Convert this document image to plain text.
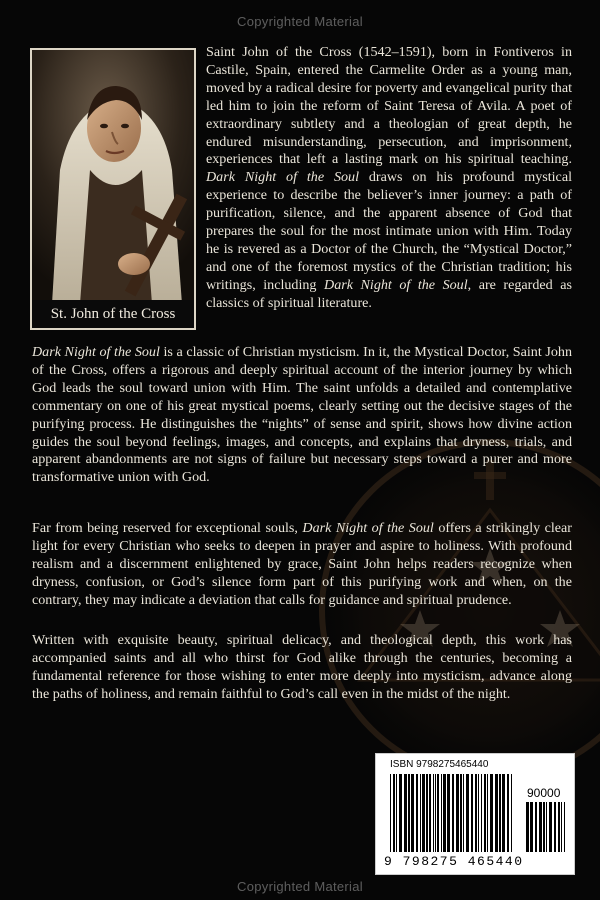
Copyrighted Material
St. John of the Cross

Saint John of the Cross (1542–1591), born in Fontiveros in Castile, Spain, entered the Carmelite Order as a young man, moved by a radical desire for poverty and evangelical purity that led him to join the reform of Saint Teresa of Avila. A poet of extraordinary subtlety and a theologian of great depth, he endured misunderstanding, persecution, and imprisonment, experiences that left a lasting mark on his spiritual teaching. Dark Night of the Soul draws on his profound mystical experience to describe the believer’s inner journey: a path of purification, silence, and the apparent absence of God that prepares the soul for the most intimate union with Him. Today he is revered as a Doctor of the Church, the “Mystical Doctor,” and one of the foremost mystics of the Christian tradition; his writings, including Dark Night of the Soul, are regarded as classics of spiritual literature.

Dark Night of the Soul is a classic of Christian mysticism. In it, the Mystical Doctor, Saint John of the Cross, offers a rigorous and deeply spiritual account of the interior journey by which God leads the soul toward union with Him. The saint unfolds a detailed and contemplative commentary on one of his great mystical poems, clearly setting out the decisive stages of the purifying process. He distinguishes the “nights” of sense and spirit, shows how divine action guides the soul beyond feelings, images, and concepts, and explains that dryness, trials, and apparent abandonments are not signs of failure but necessary steps toward a purer and more transformative union with God.

Far from being reserved for exceptional souls, Dark Night of the Soul offers a strikingly clear light for every Christian who seeks to deepen in prayer and aspire to holiness. With profound realism and a discernment enlightened by grace, Saint John helps readers recognize when dryness, confusion, or God’s silence form part of this purifying work and when, on the contrary, they may indicate a deviation that calls for guidance and spiritual prudence.

Written with exquisite beauty, spiritual delicacy, and theological depth, this work has accompanied saints and all who thirst for God alike through the centuries, becoming a fundamental reference for those wishing to enter more deeply into mysticism, advance along the paths of holiness, and remain faithful to God’s call even in the midst of the night.

ISBN 9798275465440
90000
9 798275 465440
Copyrighted Material
